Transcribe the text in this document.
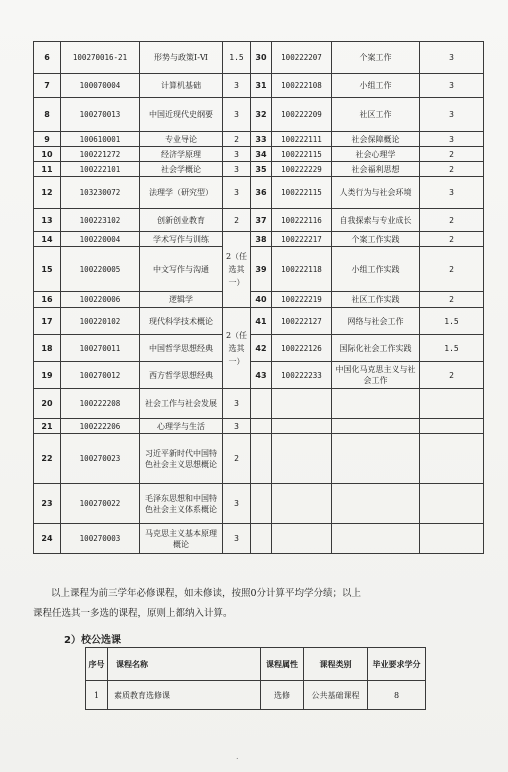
6	100270016-21	形势与政策Ⅰ-Ⅵ	1.5	30	100222207	个案工作	3
7	100070004	计算机基础	3	31	100222108	小组工作	3
8	100270013	中国近现代史纲要	3	32	100222209	社区工作	3
9	100610001	专业导论	2	33	100222111	社会保障概论	3
10	100221272	经济学原理	3	34	100222115	社会心理学	2
11	100222101	社会学概论	3	35	100222229	社会福利思想	2
12	103230072	法理学（研究型）	3	36	100222115	人类行为与社会环境	3
13	100223102	创新创业教育	2	37	100222116	自我探索与专业成长	2
14	100220004	学术写作与训练	2（任选其一）	38	100222217	个案工作实践	2
15	100220005	中文写作与沟通		39	100222118	小组工作实践	2
16	100220006	逻辑学		40	100222219	社区工作实践	2
17	100220102	现代科学技术概论	2（任选其一）	41	100222127	网络与社会工作	1.5
18	100270011	中国哲学思想经典		42	100222126	国际化社会工作实践	1.5
19	100270012	西方哲学思想经典		43	100222233	中国化马克思主义与社会工作	2
20	100222208	社会工作与社会发展	3				
21	100222206	心理学与生活	3				
22	100270023	习近平新时代中国特色社会主义思想概论	2				
23	100270022	毛泽东思想和中国特色社会主义体系概论	3				
24	100270003	马克思主义基本原理概论	3				
以上课程为前三学年必修课程，如未修读，按照0分计算平均学分绩；以上
课程任选其一多选的课程，原则上都纳入计算。
2）校公选课
序号	课程名称	课程属性	课程类别	毕业要求学分
1	素质教育选修课	选修	公共基础课程	8
.
